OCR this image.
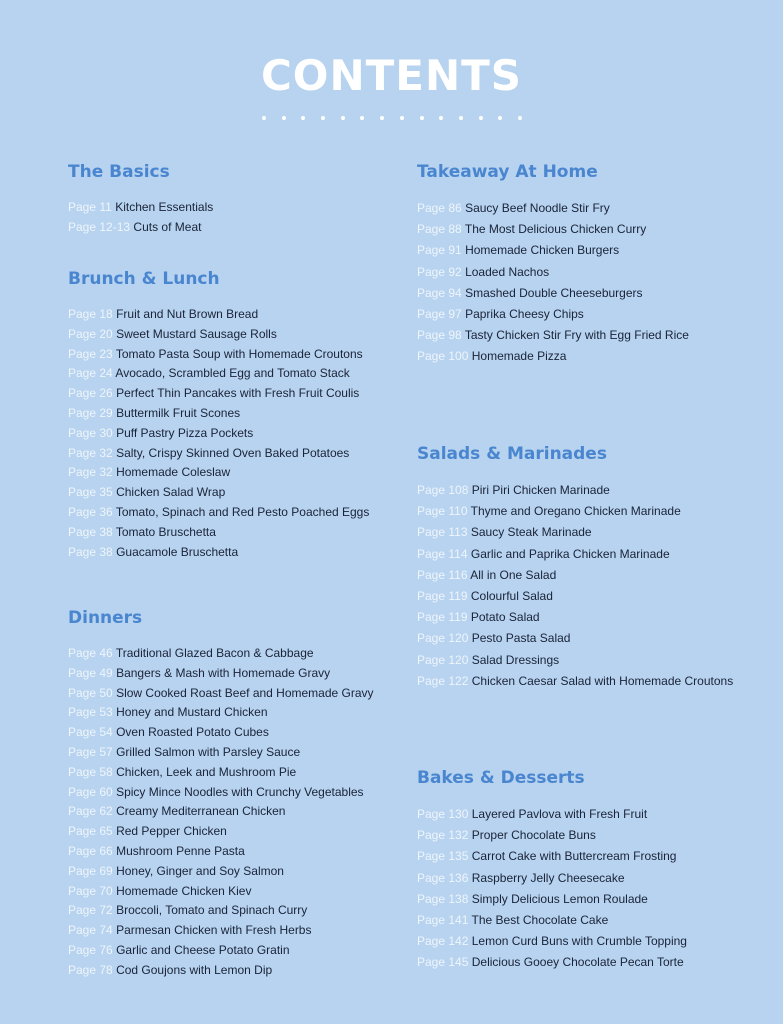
CONTENTS
The Basics
Page 11 Kitchen Essentials
Page 12-13 Cuts of Meat
Brunch & Lunch
Page 18 Fruit and Nut Brown Bread
Page 20 Sweet Mustard Sausage Rolls
Page 23 Tomato Pasta Soup with Homemade Croutons
Page 24 Avocado, Scrambled Egg and Tomato Stack
Page 26 Perfect Thin Pancakes with Fresh Fruit Coulis
Page 29 Buttermilk Fruit Scones
Page 30 Puff Pastry Pizza Pockets
Page 32 Salty, Crispy Skinned Oven Baked Potatoes
Page 32 Homemade Coleslaw
Page 35 Chicken Salad Wrap
Page 36 Tomato, Spinach and Red Pesto Poached Eggs
Page 38 Tomato Bruschetta
Page 38 Guacamole Bruschetta
Dinners
Page 46 Traditional Glazed Bacon & Cabbage
Page 49 Bangers & Mash with Homemade Gravy
Page 50 Slow Cooked Roast Beef and Homemade Gravy
Page 53 Honey and Mustard Chicken
Page 54 Oven Roasted Potato Cubes
Page 57 Grilled Salmon with Parsley Sauce
Page 58 Chicken, Leek and Mushroom Pie
Page 60 Spicy Mince Noodles with Crunchy Vegetables
Page 62 Creamy Mediterranean Chicken
Page 65 Red Pepper Chicken
Page 66 Mushroom Penne Pasta
Page 69 Honey, Ginger and Soy Salmon
Page 70 Homemade Chicken Kiev
Page 72 Broccoli, Tomato and Spinach Curry
Page 74 Parmesan Chicken with Fresh Herbs
Page 76 Garlic and Cheese Potato Gratin
Page 78 Cod Goujons with Lemon Dip
Takeaway At Home
Page 86 Saucy Beef Noodle Stir Fry
Page 88 The Most Delicious Chicken Curry
Page 91 Homemade Chicken Burgers
Page 92 Loaded Nachos
Page 94 Smashed Double Cheeseburgers
Page 97 Paprika Cheesy Chips
Page 98 Tasty Chicken Stir Fry with Egg Fried Rice
Page 100 Homemade Pizza
Salads & Marinades
Page 108 Piri Piri Chicken Marinade
Page 110 Thyme and Oregano Chicken Marinade
Page 113 Saucy Steak Marinade
Page 114 Garlic and Paprika Chicken Marinade
Page 116 All in One Salad
Page 119 Colourful Salad
Page 119 Potato Salad
Page 120 Pesto Pasta Salad
Page 120 Salad Dressings
Page 122 Chicken Caesar Salad with Homemade Croutons
Bakes & Desserts
Page 130 Layered Pavlova with Fresh Fruit
Page 132 Proper Chocolate Buns
Page 135 Carrot Cake with Buttercream Frosting
Page 136 Raspberry Jelly Cheesecake
Page 138 Simply Delicious Lemon Roulade
Page 141 The Best Chocolate Cake
Page 142 Lemon Curd Buns with Crumble Topping
Page 145 Delicious Gooey Chocolate Pecan Torte
